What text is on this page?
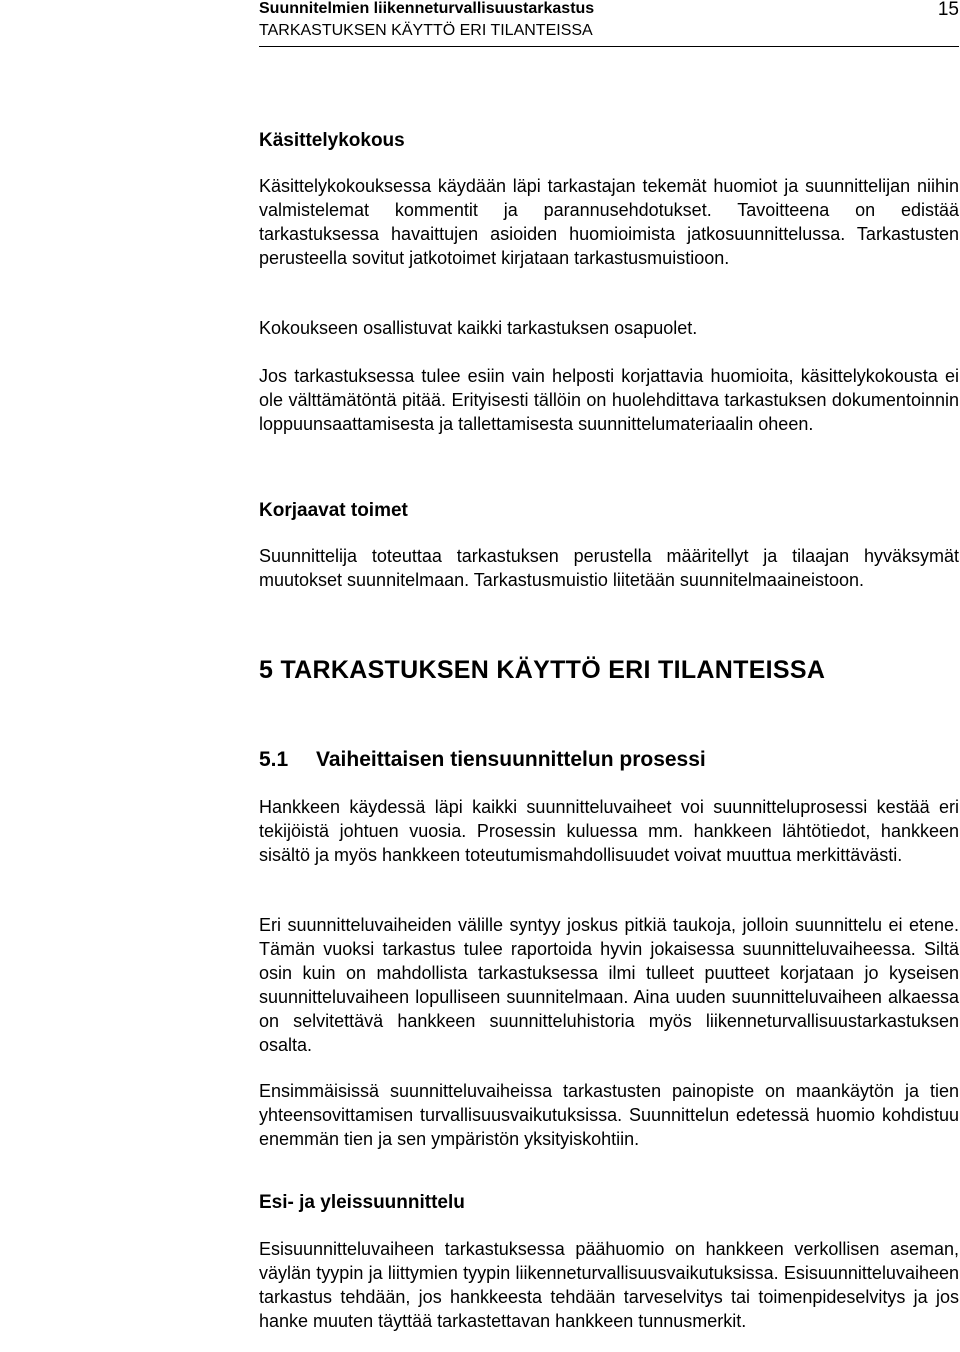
Suunnitelmien liikenneturvallisuustarkastus
TARKASTUKSEN KÄYTTÖ ERI TILANTEISSA
15
Käsittelykokous

Käsittelykokouksessa käydään läpi tarkastajan tekemät huomiot ja suunnittelijan niihin valmistelemat kommentit ja parannusehdotukset. Tavoitteena on edistää tarkastuksessa havaittujen asioiden huomioimista jatkosuunnittelussa. Tarkastusten perusteella sovitut jatkotoimet kirjataan tarkastusmuistioon.

Kokoukseen osallistuvat kaikki tarkastuksen osapuolet.

Jos tarkastuksessa tulee esiin vain helposti korjattavia huomioita, käsittelykokousta ei ole välttämätöntä pitää. Erityisesti tällöin on huolehdittava tarkastuksen dokumentoinnin loppuunsaattamisesta ja tallettamisesta suunnittelumateriaalin oheen.

Korjaavat toimet

Suunnittelija toteuttaa tarkastuksen perustella määritellyt ja tilaajan hyväksymät muutokset suunnitelmaan. Tarkastusmuistio liitetään suunnitelmaaineistoon.

5 TARKASTUKSEN KÄYTTÖ ERI TILANTEISSA
5.1 Vaiheittaisen tiensuunnittelun prosessi

Hankkeen käydessä läpi kaikki suunnitteluvaiheet voi suunnitteluprosessi kestää eri tekijöistä johtuen vuosia. Prosessin kuluessa mm. hankkeen lähtötiedot, hankkeen sisältö ja myös hankkeen toteutumismahdollisuudet voivat muuttua merkittävästi.

Eri suunnitteluvaiheiden välille syntyy joskus pitkiä taukoja, jolloin suunnittelu ei etene. Tämän vuoksi tarkastus tulee raportoida hyvin jokaisessa suunnitteluvaiheessa. Siltä osin kuin on mahdollista tarkastuksessa ilmi tulleet puutteet korjataan jo kyseisen suunnitteluvaiheen lopulliseen suunnitelmaan. Aina uuden suunnitteluvaiheen alkaessa on selvitettävä hankkeen suunnitteluhistoria myös liikenneturvallisuustarkastuksen osalta.

Ensimmäisissä suunnitteluvaiheissa tarkastusten painopiste on maankäytön ja tien yhteensovittamisen turvallisuusvaikutuksissa. Suunnittelun edetessä huomio kohdistuu enemmän tien ja sen ympäristön yksityiskohtiin.

Esi- ja yleissuunnittelu

Esisuunnitteluvaiheen tarkastuksessa päähuomio on hankkeen verkollisen aseman, väylän tyypin ja liittymien tyypin liikenneturvallisuusvaikutuksissa. Esisuunnitteluvaiheen tarkastus tehdään, jos hankkeesta tehdään tarveselvitys tai toimenpideselvitys ja jos hanke muuten täyttää tarkastettavan hankkeen tunnusmerkit.
